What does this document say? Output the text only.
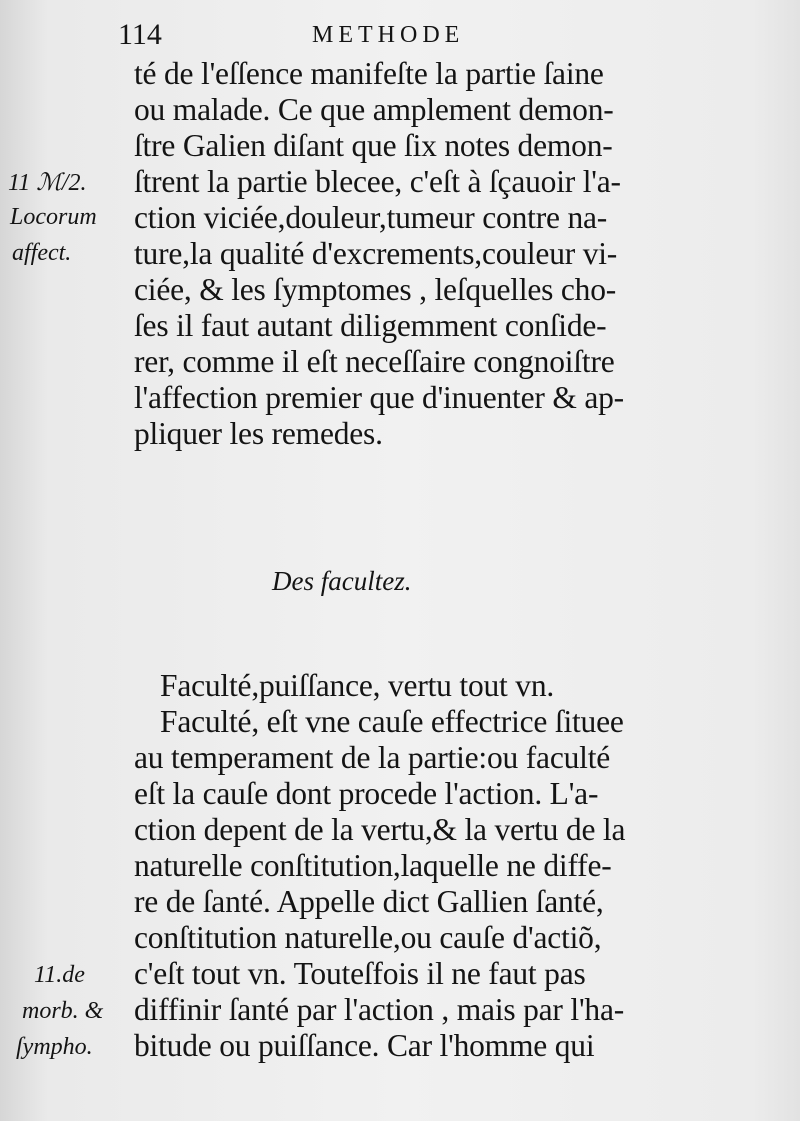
114	METHODE
té de l'eſſence manifeſte la partie ſaine
ou malade. Ce que amplement demon-
ſtre Galien diſant que ſix notes demon-
ſtrent la partie bleceе, c'eſt à ſçauoir l'a-
ction viciée,douleur,tumeur contre na-
ture,la qualité d'excrements,couleur vi-
ciée, & les ſymptomes , leſquelles cho-
ſes il faut autant diligemment conſide-
rer, comme il eſt neceſſaire congnoiſtre
l'affection premier que d'inuenter & ap-
pliquer les remedes.
11 ℳ/2.
Locorum
affect.
Des facultez.
Faculté,puiſſance, vertu tout vn.
Faculté, eſt vne cauſe effectrice ſituee
au temperament de la partie:ou faculté
eſt la cauſe dont procede l'action. L'a-
ction depent de la vertu,& la vertu de la
naturelle conſtitution,laquelle ne diffe-
re de ſanté. Appelle dict Gallien ſanté,
conſtitution naturelle,ou cauſe d'actiõ,
c'eſt tout vn. Touteſfois il ne faut pas
diffinir ſanté par l'action , mais par l'ha-
bitude ou puiſſance. Car l'homme qui
11.de
morb. &
ſympho.
